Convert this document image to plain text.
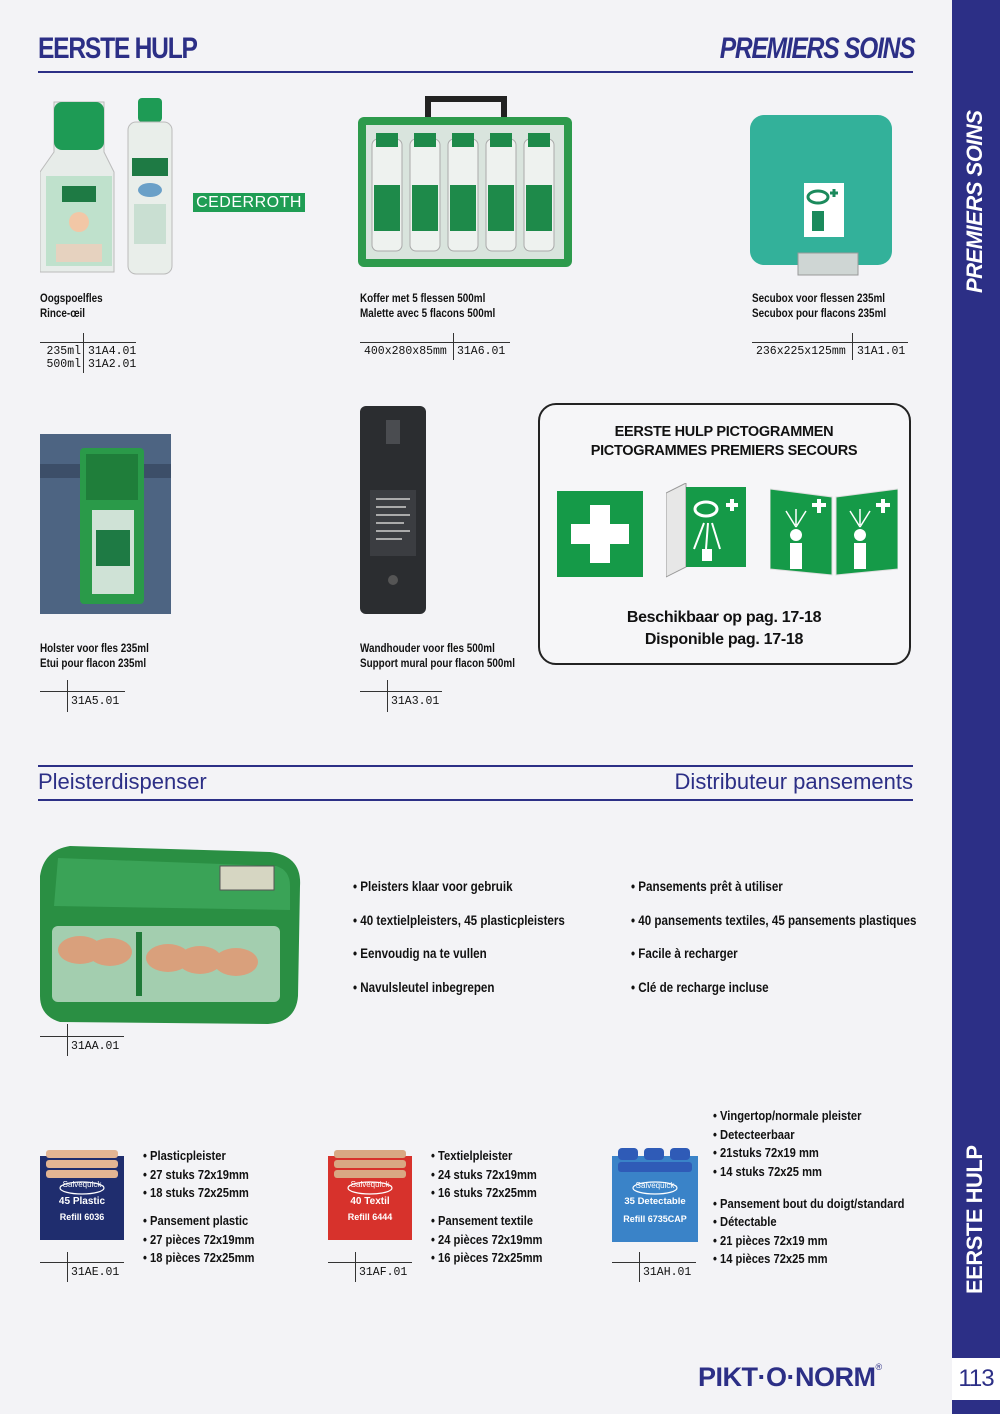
PREMIERS SOINS
EERSTE HULP
113
EERSTE HULP	PREMIERS SOINS
CEDERROTH
Oogspoelfles
Rince-œil
235ml 31A4.01
500ml 31A2.01
Koffer met 5 flessen 500ml
Malette avec 5 flacons 500ml
400x280x85mm 31A6.01
Secubox voor flessen 235ml
Secubox pour flacons 235ml
236x225x125mm 31A1.01
Holster voor fles 235ml
Etui pour flacon 235ml
31A5.01
Wandhouder voor fles 500ml
Support mural pour flacon 500ml
31A3.01
EERSTE HULP PICTOGRAMMEN
PICTOGRAMMES PREMIERS SECOURS
Beschikbaar op pag. 17-18
Disponible pag. 17-18
Pleisterdispenser	Distributeur pansements
31AA.01
• Pleisters klaar voor gebruik
• 40 textielpleisters, 45 plasticpleisters
• Eenvoudig na te vullen
• Navulsleutel inbegrepen
• Pansements prêt à utiliser
• 40 pansements textiles, 45 pansements plastiques
• Facile à recharger
• Clé de recharge incluse
Salvequick
45 Plastic
Refill 6036
• Plasticpleister
• 27 stuks 72x19mm
• 18 stuks 72x25mm
• Pansement plastic
• 27 pièces 72x19mm
• 18 pièces 72x25mm
31AE.01
Salvequick
40 Textil
Refill 6444
• Textielpleister
• 24 stuks 72x19mm
• 16 stuks 72x25mm
• Pansement textile
• 24 pièces 72x19mm
• 16 pièces 72x25mm
31AF.01
Salvequick
35 Detectable
Refill 6735CAP
• Vingertop/normale pleister
• Detecteerbaar
• 21stuks 72x19 mm
• 14 stuks 72x25 mm
• Pansement bout du doigt/standard
• Détectable
• 21 pièces 72x19 mm
• 14 pièces 72x25 mm
31AH.01
PIKT·O·NORM®
